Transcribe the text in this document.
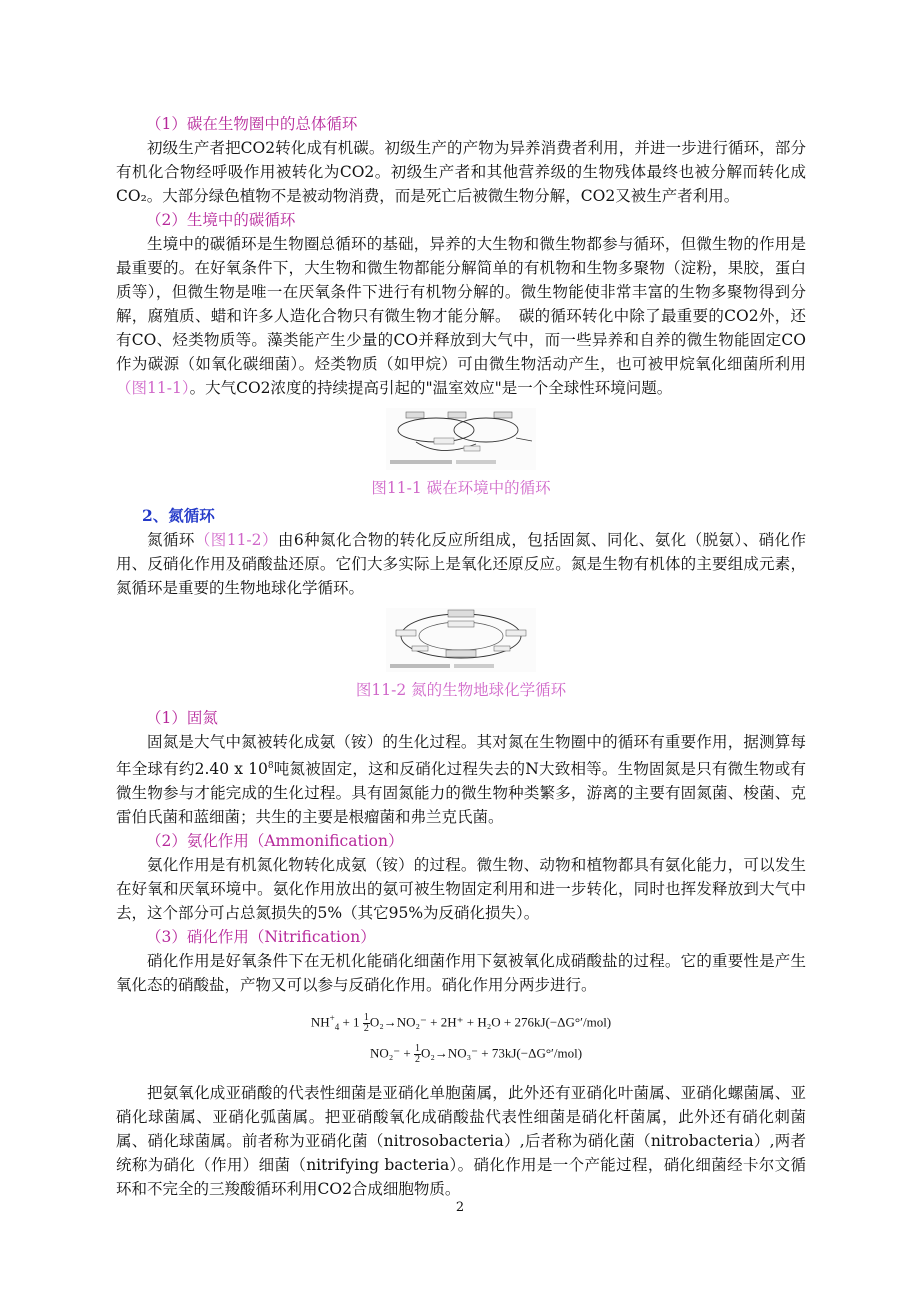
（1）碳在生物圈中的总体循环

初级生产者把CO2转化成有机碳。初级生产的产物为异养消费者利用，并进一步进行循环，部分有机化合物经呼吸作用被转化为CO2。初级生产者和其他营养级的生物残体最终也被分解而转化成CO₂。大部分绿色植物不是被动物消费，而是死亡后被微生物分解，CO2又被生产者利用。

（2）生境中的碳循环

生境中的碳循环是生物圈总循环的基础，异养的大生物和微生物都参与循环，但微生物的作用是最重要的。在好氧条件下，大生物和微生物都能分解简单的有机物和生物多聚物（淀粉，果胶，蛋白质等），但微生物是唯一在厌氧条件下进行有机物分解的。微生物能使非常丰富的生物多聚物得到分解，腐殖质、蜡和许多人造化合物只有微生物才能分解。　碳的循环转化中除了最重要的CO2外，还有CO、烃类物质等。藻类能产生少量的CO并释放到大气中，而一些异养和自养的微生物能固定CO作为碳源（如氧化碳细菌）。烃类物质（如甲烷）可由微生物活动产生，也可被甲烷氧化细菌所利用（图11-1）。大气CO2浓度的持续提高引起的"温室效应"是一个全球性环境问题。

图11-1 碳在环境中的循环
2、氮循环

氮循环（图11-2）由6种氮化合物的转化反应所组成，包括固氮、同化、氨化（脱氨）、硝化作用、反硝化作用及硝酸盐还原。它们大多实际上是氧化还原反应。氮是生物有机体的主要组成元素，氮循环是重要的生物地球化学循环。

图11-2 氮的生物地球化学循环
（1）固氮

固氮是大气中氮被转化成氨（铵）的生化过程。其对氮在生物圈中的循环有重要作用，据测算每年全球有约2.40 x $10^8$吨氮被固定，这和反硝化过程失去的N大致相等。生物固氮是只有微生物或有微生物参与才能完成的生化过程。具有固氮能力的微生物种类繁多，游离的主要有固氮菌、梭菌、克雷伯氏菌和蓝细菌；共生的主要是根瘤菌和弗兰克氏菌。

（2）氨化作用（Ammonification）

氨化作用是有机氮化物转化成氨（铵）的过程。微生物、动物和植物都具有氨化能力，可以发生在好氧和厌氧环境中。氨化作用放出的氨可被生物固定利用和进一步转化，同时也挥发释放到大气中去，这个部分可占总氮损失的5%（其它95%为反硝化损失）。

（3）硝化作用（Nitrification）

硝化作用是好氧条件下在无机化能硝化细菌作用下氨被氧化成硝酸盐的过程。它的重要性是产生氧化态的硝酸盐，产物又可以参与反硝化作用。硝化作用分两步进行。

$NH^+_4 + 1 \frac{1}{2} O_2\to NO_2^- + 2H^+ + H_2O + 276kJ(-\Delta G^\circ'/mol)$
$NO_2^- + \frac{1}{2} O_2\to NO_3^- + 73kJ(-\Delta G^\circ'/mol)$

把氨氧化成亚硝酸的代表性细菌是亚硝化单胞菌属，此外还有亚硝化叶菌属、亚硝化螺菌属、亚硝化球菌属、亚硝化弧菌属。把亚硝酸氧化成硝酸盐代表性细菌是硝化杆菌属，此外还有硝化刺菌属、硝化球菌属。前者称为亚硝化菌（nitrosobacteria）,后者称为硝化菌（nitrobacteria）,两者统称为硝化（作用）细菌（nitrifying bacteria）。硝化作用是一个产能过程，硝化细菌经卡尔文循环和不完全的三羧酸循环利用CO2合成细胞物质。

2
